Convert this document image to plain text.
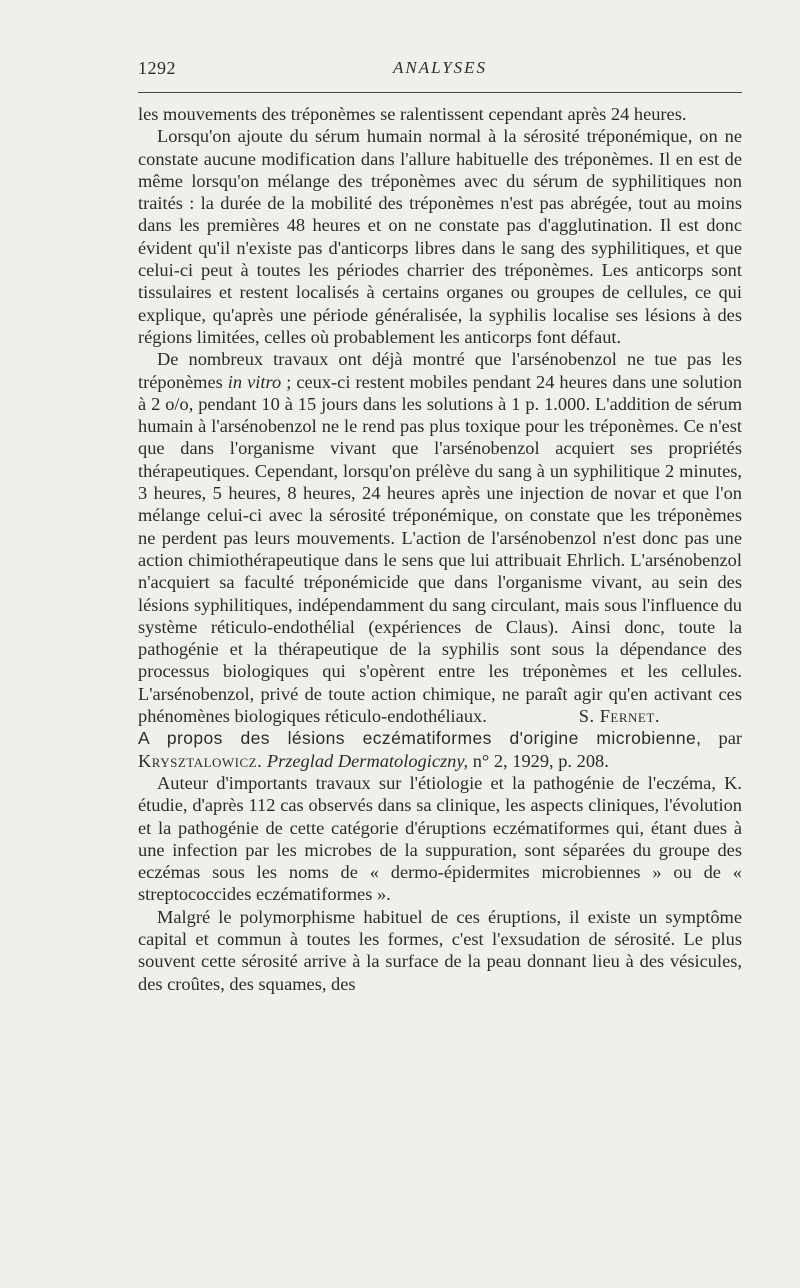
1292	ANALYSES

les mouvements des tréponèmes se ralentissent cependant après 24 heures.

Lorsqu'on ajoute du sérum humain normal à la sérosité tréponémique, on ne constate aucune modification dans l'allure habituelle des tréponèmes. Il en est de même lorsqu'on mélange des tréponèmes avec du sérum de syphilitiques non traités : la durée de la mobilité des tréponèmes n'est pas abrégée, tout au moins dans les premières 48 heures et on ne constate pas d'agglutination. Il est donc évident qu'il n'existe pas d'anticorps libres dans le sang des syphilitiques, et que celui-ci peut à toutes les périodes charrier des tréponèmes. Les anticorps sont tissulaires et restent localisés à certains organes ou groupes de cellules, ce qui explique, qu'après une période généralisée, la syphilis localise ses lésions à des régions limitées, celles où probablement les anticorps font défaut.

De nombreux travaux ont déjà montré que l'arsénobenzol ne tue pas les tréponèmes in vitro ; ceux-ci restent mobiles pendant 24 heures dans une solution à 2 o/o, pendant 10 à 15 jours dans les solutions à 1 p. 1.000. L'addition de sérum humain à l'arsénobenzol ne le rend pas plus toxique pour les tréponèmes. Ce n'est que dans l'organisme vivant que l'arsénobenzol acquiert ses propriétés thérapeutiques. Cependant, lorsqu'on prélève du sang à un syphilitique 2 minutes, 3 heures, 5 heures, 8 heures, 24 heures après une injection de novar et que l'on mélange celui-ci avec la sérosité tréponémique, on constate que les tréponèmes ne perdent pas leurs mouvements. L'action de l'arsénobenzol n'est donc pas une action chimiothérapeutique dans le sens que lui attribuait Ehrlich. L'arsénobenzol n'acquiert sa faculté tréponémicide que dans l'organisme vivant, au sein des lésions syphilitiques, indépendamment du sang circulant, mais sous l'influence du système réticulo-endothélial (expériences de Claus). Ainsi donc, toute la pathogénie et la thérapeutique de la syphilis sont sous la dépendance des processus biologiques qui s'opèrent entre les tréponèmes et les cellules. L'arsénobenzol, privé de toute action chimique, ne paraît agir qu'en activant ces phénomènes biologiques réticulo-endothéliaux.	S. Fernet.

A propos des lésions eczématiformes d'origine microbienne, par Krysztalowicz. Przeglad Dermatologiczny, n° 2, 1929, p. 208.

Auteur d'importants travaux sur l'étiologie et la pathogénie de l'eczéma, K. étudie, d'après 112 cas observés dans sa clinique, les aspects cliniques, l'évolution et la pathogénie de cette catégorie d'éruptions eczématiformes qui, étant dues à une infection par les microbes de la suppuration, sont séparées du groupe des eczémas sous les noms de « dermo-épidermites microbiennes » ou de « streptococcides eczématiformes ».

Malgré le polymorphisme habituel de ces éruptions, il existe un symptôme capital et commun à toutes les formes, c'est l'exsudation de sérosité. Le plus souvent cette sérosité arrive à la surface de la peau donnant lieu à des vésicules, des croûtes, des squames, des
